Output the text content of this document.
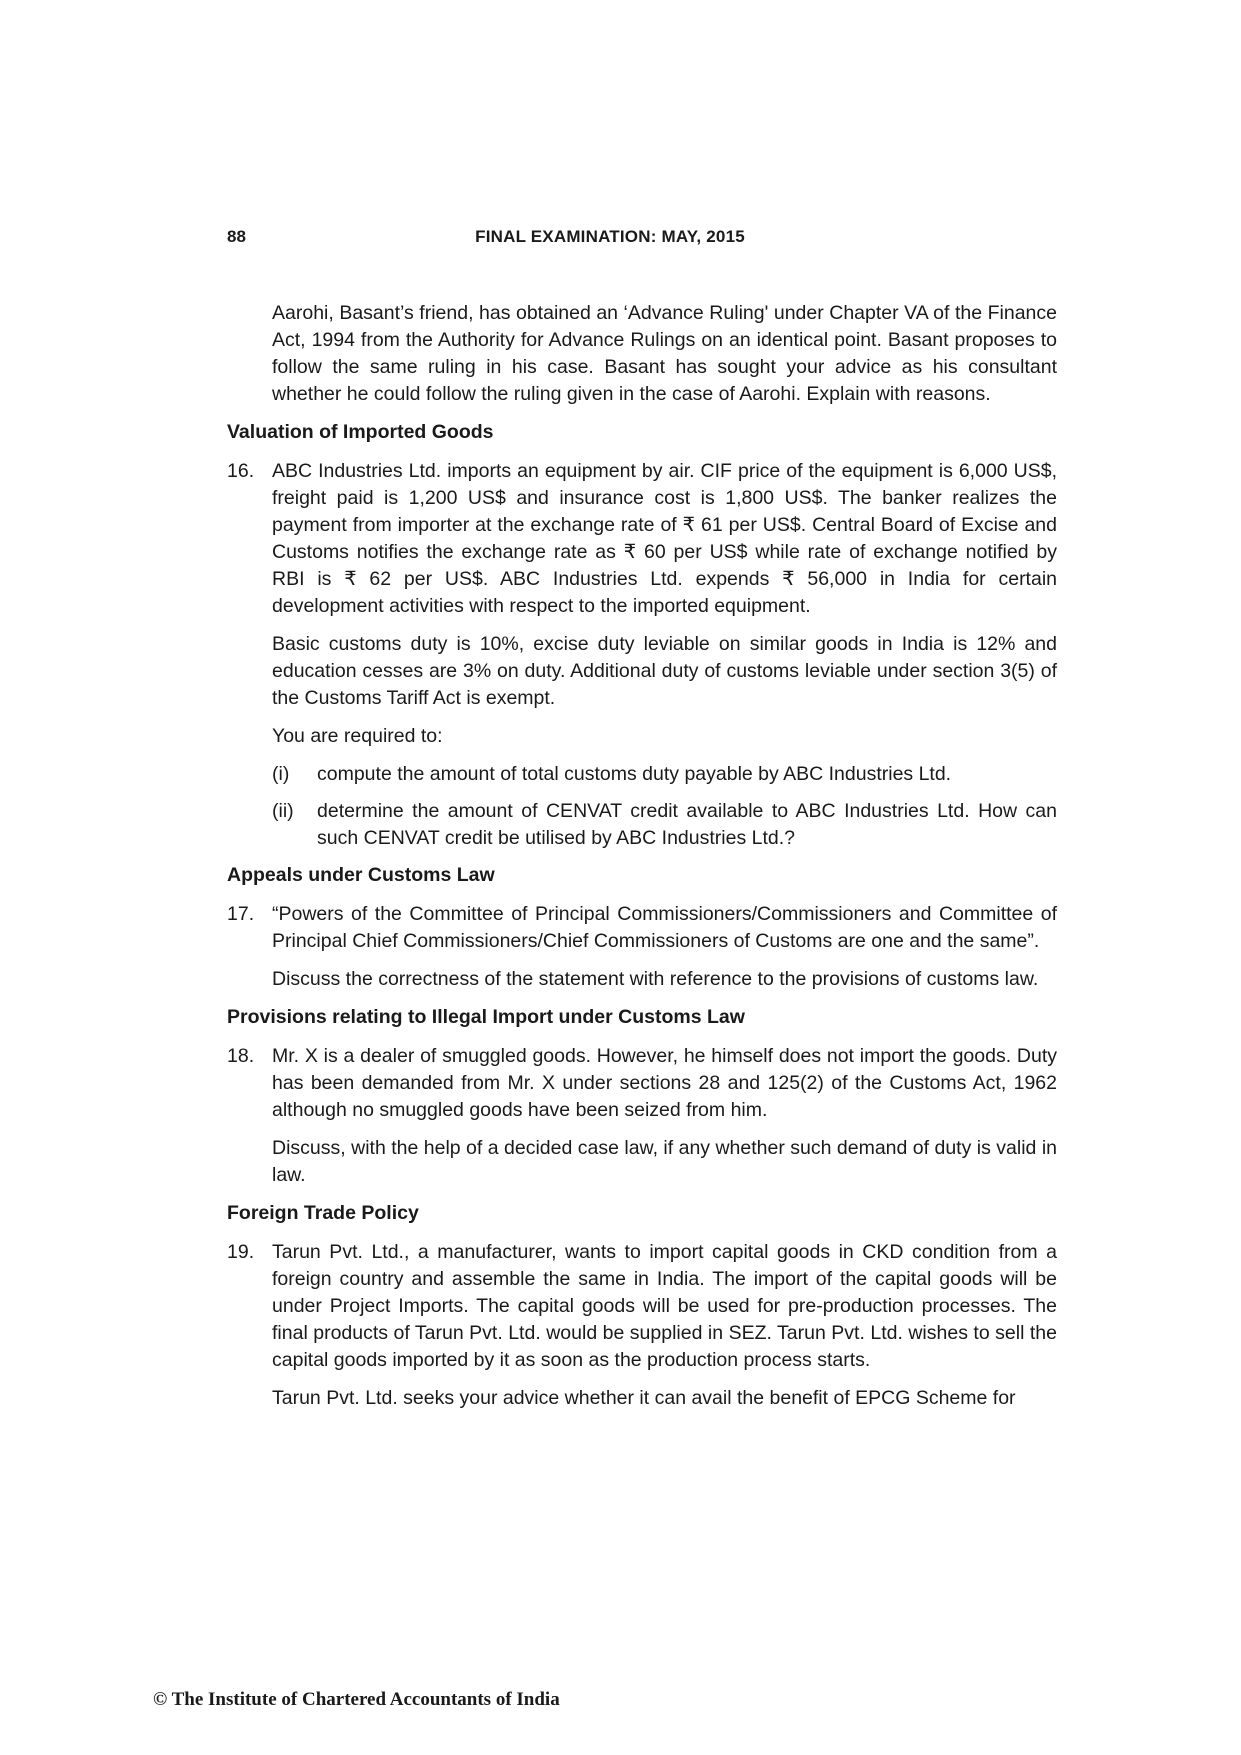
88	FINAL EXAMINATION: MAY, 2015

Aarohi, Basant’s friend, has obtained an ‘Advance Ruling' under Chapter VA of the Finance Act, 1994 from the Authority for Advance Rulings on an identical point. Basant proposes to follow the same ruling in his case. Basant has sought your advice as his consultant whether he could follow the ruling given in the case of Aarohi. Explain with reasons.

Valuation of Imported Goods
16. ABC Industries Ltd. imports an equipment by air. CIF price of the equipment is 6,000 US$, freight paid is 1,200 US$ and insurance cost is 1,800 US$. The banker realizes the payment from importer at the exchange rate of ₹ 61 per US$. Central Board of Excise and Customs notifies the exchange rate as ₹ 60 per US$ while rate of exchange notified by RBI is ₹ 62 per US$. ABC Industries Ltd. expends ₹ 56,000 in India for certain development activities with respect to the imported equipment.

Basic customs duty is 10%, excise duty leviable on similar goods in India is 12% and education cesses are 3% on duty. Additional duty of customs leviable under section 3(5) of the Customs Tariff Act is exempt.

You are required to:

(i)	compute the amount of total customs duty payable by ABC Industries Ltd.
(ii)	determine the amount of CENVAT credit available to ABC Industries Ltd. How can such CENVAT credit be utilised by ABC Industries Ltd.?
Appeals under Customs Law
17. “Powers of the Committee of Principal Commissioners/Commissioners and Committee of Principal Chief Commissioners/Chief Commissioners of Customs are one and the same”.

Discuss the correctness of the statement with reference to the provisions of customs law.

Provisions relating to Illegal Import under Customs Law
18. Mr. X is a dealer of smuggled goods. However, he himself does not import the goods. Duty has been demanded from Mr. X under sections 28 and 125(2) of the Customs Act, 1962 although no smuggled goods have been seized from him.

Discuss, with the help of a decided case law, if any whether such demand of duty is valid in law.

Foreign Trade Policy
19. Tarun Pvt. Ltd., a manufacturer, wants to import capital goods in CKD condition from a foreign country and assemble the same in India. The import of the capital goods will be under Project Imports. The capital goods will be used for pre-production processes. The final products of Tarun Pvt. Ltd. would be supplied in SEZ. Tarun Pvt. Ltd. wishes to sell the capital goods imported by it as soon as the production process starts.

Tarun Pvt. Ltd. seeks your advice whether it can avail the benefit of EPCG Scheme for

© The Institute of Chartered Accountants of India
